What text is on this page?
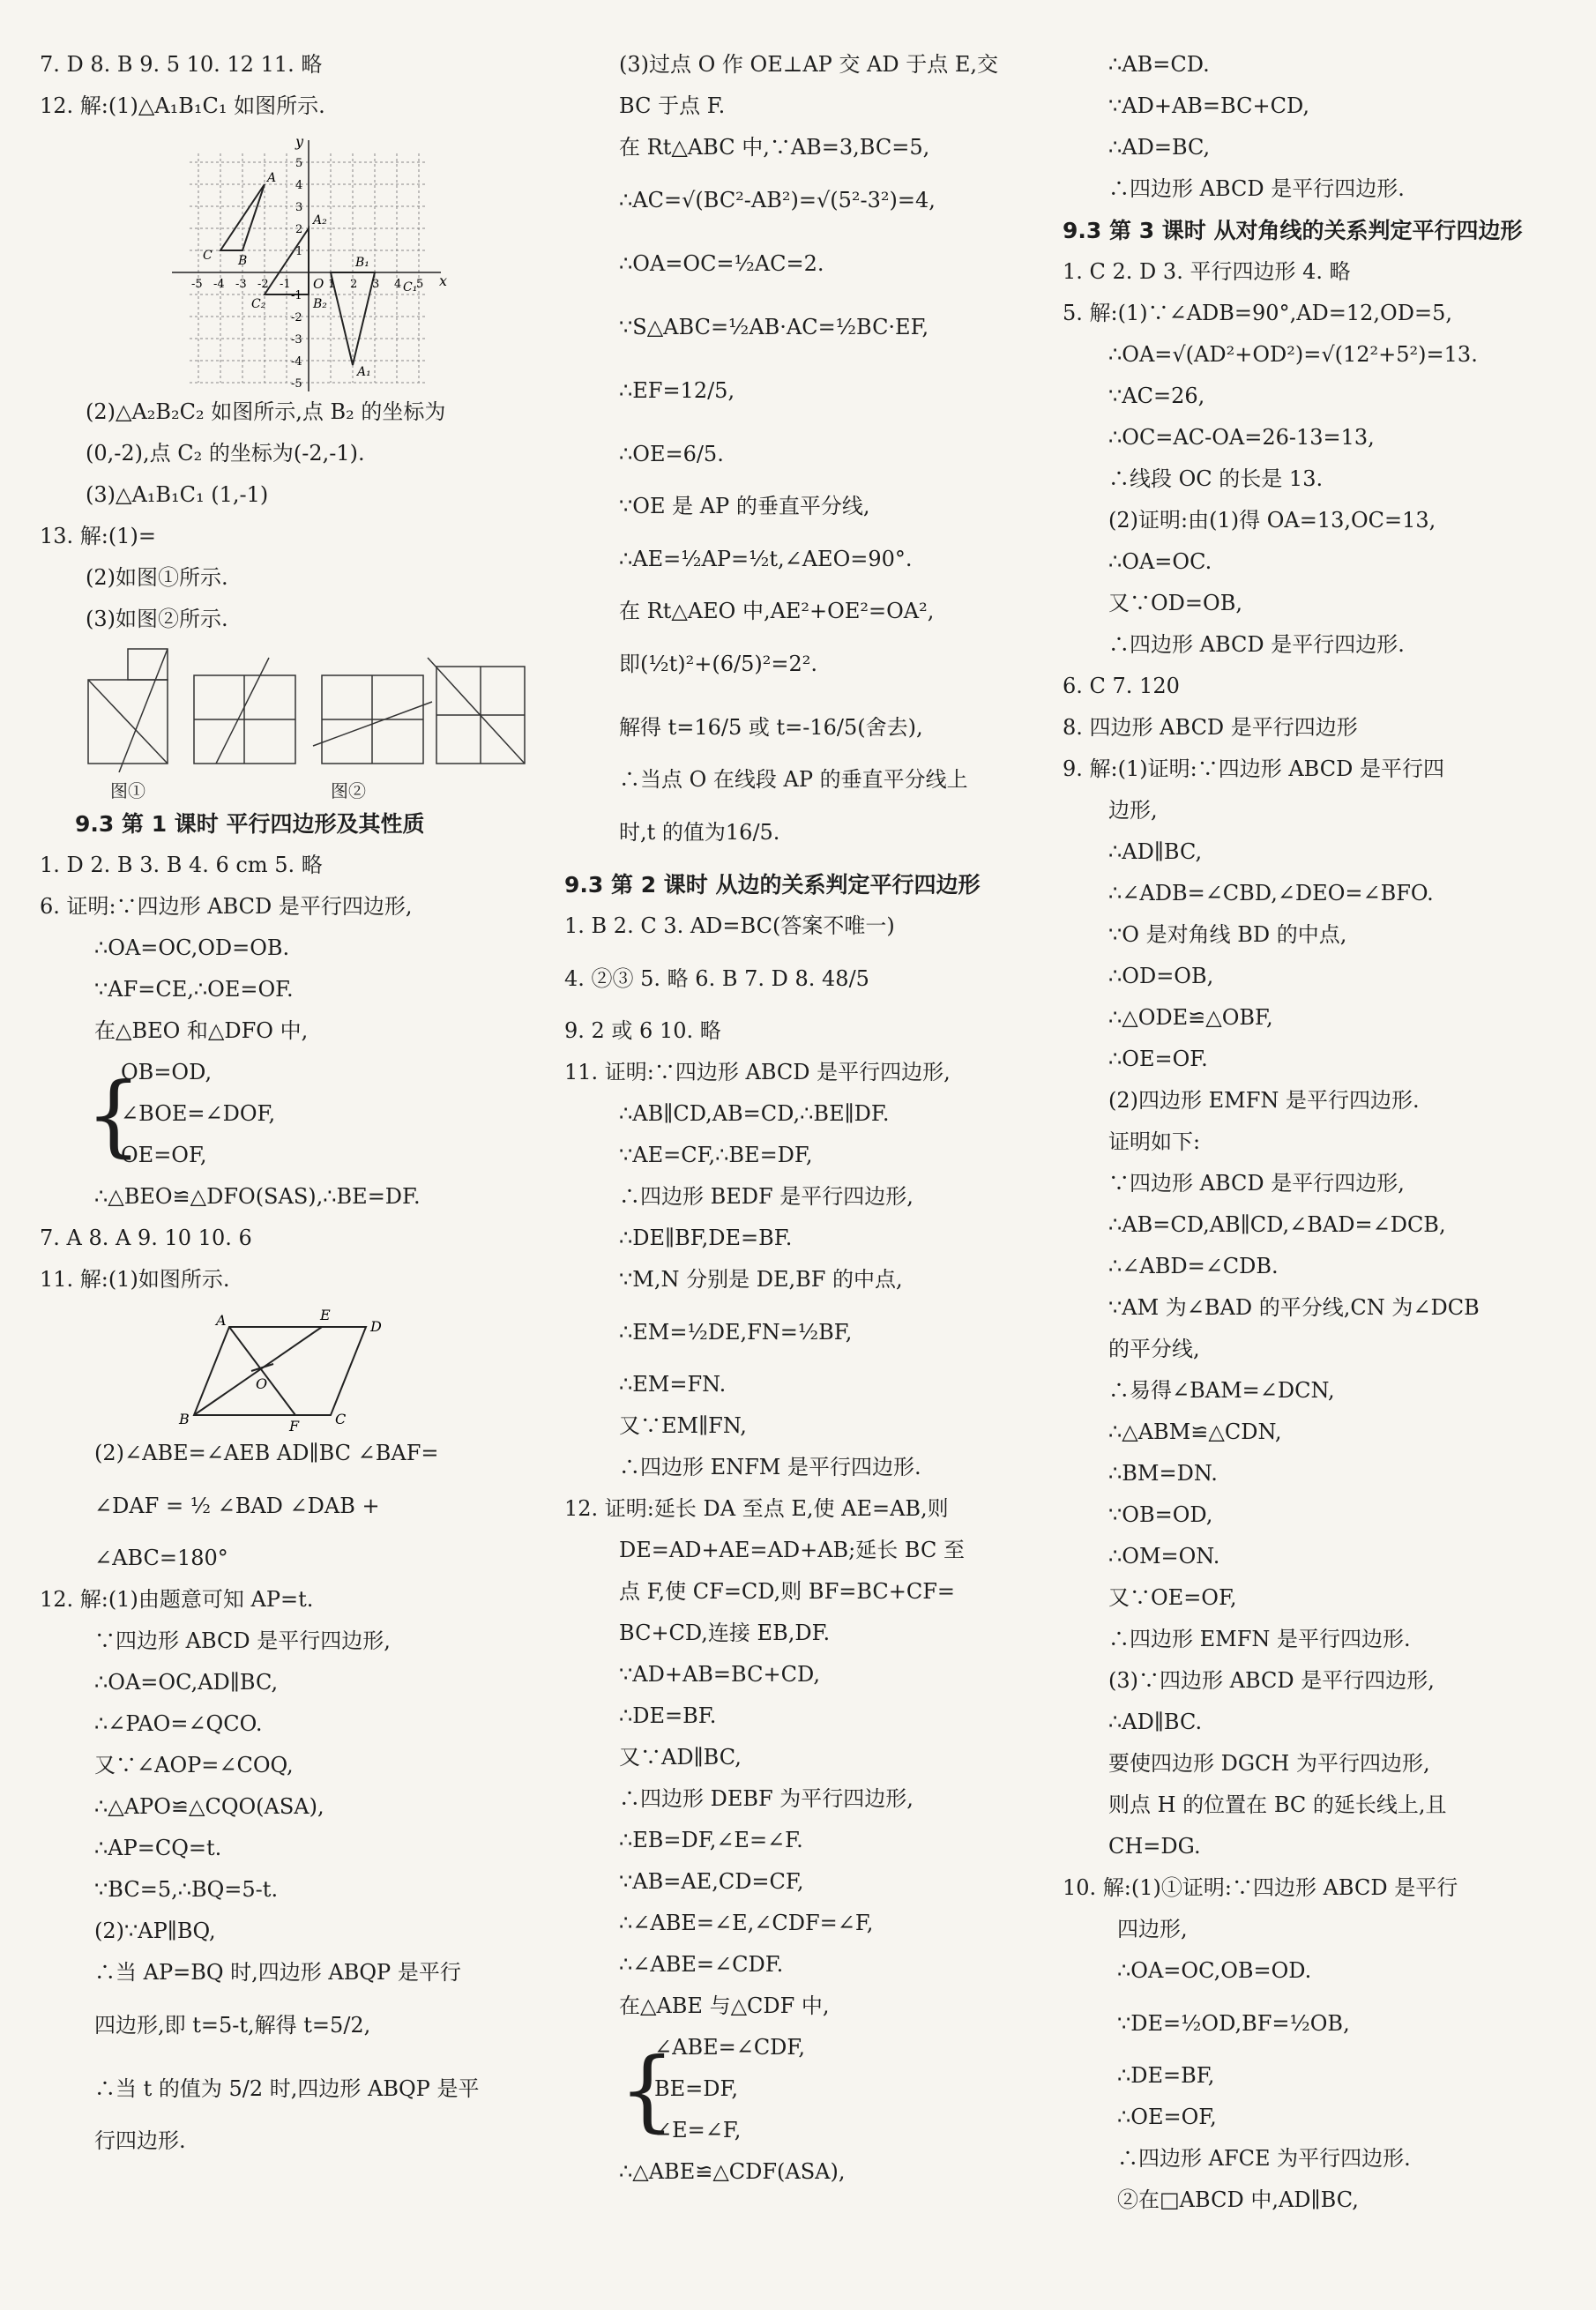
7. D 8. B 9. 5 10. 12 11. 略
12. 解:(1)△A₁B₁C₁ 如图所示.
x
y
O
A
A₂
B
C
C₂	B₂
B₁
C₁
A₁
-5 -4 -3 -2 -1	1 2 3 4 5
5
4
3
2
1
-1
-2
-3
-4
-5
(2)△A₂B₂C₂ 如图所示,点 B₂ 的坐标为
(0,-2),点 C₂ 的坐标为(-2,-1).
(3)△A₁B₁C₁ (1,-1)
13. 解:(1)=
(2)如图①所示.
(3)如图②所示.
图①	图②
9.3 第 1 课时 平行四边形及其性质
1. D 2. B 3. B 4. 6 cm 5. 略
6. 证明:∵四边形 ABCD 是平行四边形,
∴OA=OC,OD=OB.
∵AF=CE,∴OE=OF.
在△BEO 和△DFO 中,
{
OB=OD,
∠BOE=∠DOF,
OE=OF,
∴△BEO≌△DFO(SAS),∴BE=DF.
7. A 8. A 9. 10 10. 6
11. 解:(1)如图所示.
A	E
D
B	F	C
O
(2)∠ABE=∠AEB AD∥BC ∠BAF=
∠DAF = ½ ∠BAD ∠DAB +
∠ABC=180°
12. 解:(1)由题意可知 AP=t.
∵四边形 ABCD 是平行四边形,
∴OA=OC,AD∥BC,
∴∠PAO=∠QCO.
又∵∠AOP=∠COQ,
∴△APO≌△CQO(ASA),
∴AP=CQ=t.
∵BC=5,∴BQ=5-t.
(2)∵AP∥BQ,
∴当 AP=BQ 时,四边形 ABQP 是平行
四边形,即 t=5-t,解得 t=5/2,
∴当 t 的值为 5/2 时,四边形 ABQP 是平
行四边形.
(3)过点 O 作 OE⊥AP 交 AD 于点 E,交
BC 于点 F.
在 Rt△ABC 中,∵AB=3,BC=5,
∴AC=√(BC²-AB²)=√(5²-3²)=4,
∴OA=OC=½AC=2.
∵S△ABC=½AB·AC=½BC·EF,
∴EF=12/5,
∴OE=6/5.
∵OE 是 AP 的垂直平分线,
∴AE=½AP=½t,∠AEO=90°.
在 Rt△AEO 中,AE²+OE²=OA²,
即(½t)²+(6/5)²=2².
解得 t=16/5 或 t=-16/5(舍去),
∴当点 O 在线段 AP 的垂直平分线上
时,t 的值为16/5.
9.3 第 2 课时 从边的关系判定平行四边形
1. B 2. C 3. AD=BC(答案不唯一)
4. ②③ 5. 略 6. B 7. D 8. 48/5
9. 2 或 6 10. 略
11. 证明:∵四边形 ABCD 是平行四边形,
∴AB∥CD,AB=CD,∴BE∥DF.
∵AE=CF,∴BE=DF,
∴四边形 BEDF 是平行四边形,
∴DE∥BF,DE=BF.
∵M,N 分别是 DE,BF 的中点,
∴EM=½DE,FN=½BF,
∴EM=FN.
又∵EM∥FN,
∴四边形 ENFM 是平行四边形.
12. 证明:延长 DA 至点 E,使 AE=AB,则
DE=AD+AE=AD+AB;延长 BC 至
点 F,使 CF=CD,则 BF=BC+CF=
BC+CD,连接 EB,DF.
∵AD+AB=BC+CD,
∴DE=BF.
又∵AD∥BC,
∴四边形 DEBF 为平行四边形,
∴EB=DF,∠E=∠F.
∵AB=AE,CD=CF,
∴∠ABE=∠E,∠CDF=∠F,
∴∠ABE=∠CDF.
在△ABE 与△CDF 中,
{
∠ABE=∠CDF,
BE=DF,
∠E=∠F,
∴△ABE≌△CDF(ASA),
∴AB=CD.
∵AD+AB=BC+CD,
∴AD=BC,
∴四边形 ABCD 是平行四边形.
9.3 第 3 课时 从对角线的关系判定平行四边形
1. C 2. D 3. 平行四边形 4. 略
5. 解:(1)∵∠ADB=90°,AD=12,OD=5,
∴OA=√(AD²+OD²)=√(12²+5²)=13.
∵AC=26,
∴OC=AC-OA=26-13=13,
∴线段 OC 的长是 13.
(2)证明:由(1)得 OA=13,OC=13,
∴OA=OC.
又∵OD=OB,
∴四边形 ABCD 是平行四边形.
6. C 7. 120
8. 四边形 ABCD 是平行四边形
9. 解:(1)证明:∵四边形 ABCD 是平行四
边形,
∴AD∥BC,
∴∠ADB=∠CBD,∠DEO=∠BFO.
∵O 是对角线 BD 的中点,
∴OD=OB,
∴△ODE≌△OBF,
∴OE=OF.
(2)四边形 EMFN 是平行四边形.
证明如下:
∵四边形 ABCD 是平行四边形,
∴AB=CD,AB∥CD,∠BAD=∠DCB,
∴∠ABD=∠CDB.
∵AM 为∠BAD 的平分线,CN 为∠DCB
的平分线,
∴易得∠BAM=∠DCN,
∴△ABM≌△CDN,
∴BM=DN.
∵OB=OD,
∴OM=ON.
又∵OE=OF,
∴四边形 EMFN 是平行四边形.
(3)∵四边形 ABCD 是平行四边形,
∴AD∥BC.
要使四边形 DGCH 为平行四边形,
则点 H 的位置在 BC 的延长线上,且
CH=DG.
10. 解:(1)①证明:∵四边形 ABCD 是平行
四边形,
∴OA=OC,OB=OD.
∵DE=½OD,BF=½OB,
∴DE=BF,
∴OE=OF,
∴四边形 AFCE 为平行四边形.
②在□ABCD 中,AD∥BC,
